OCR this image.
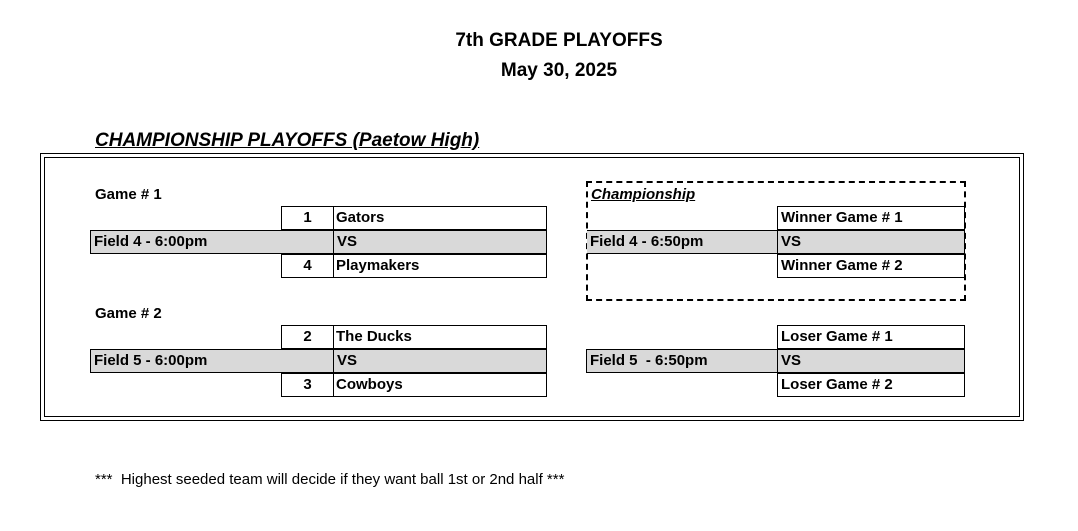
7th GRADE PLAYOFFS
May 30, 2025
CHAMPIONSHIP PLAYOFFS (Paetow High)
Game # 1
1	Gators
Field 4 - 6:00pm	VS
4	Playmakers
Game # 2
2	The Ducks
Field 5 - 6:00pm	VS
3	Cowboys
Championship
Winner Game # 1
Field 4 - 6:50pm	VS
Winner Game # 2
Loser Game # 1
Field 5  - 6:50pm	VS
Loser Game # 2
***  Highest seeded team will decide if they want ball 1st or 2nd half ***
